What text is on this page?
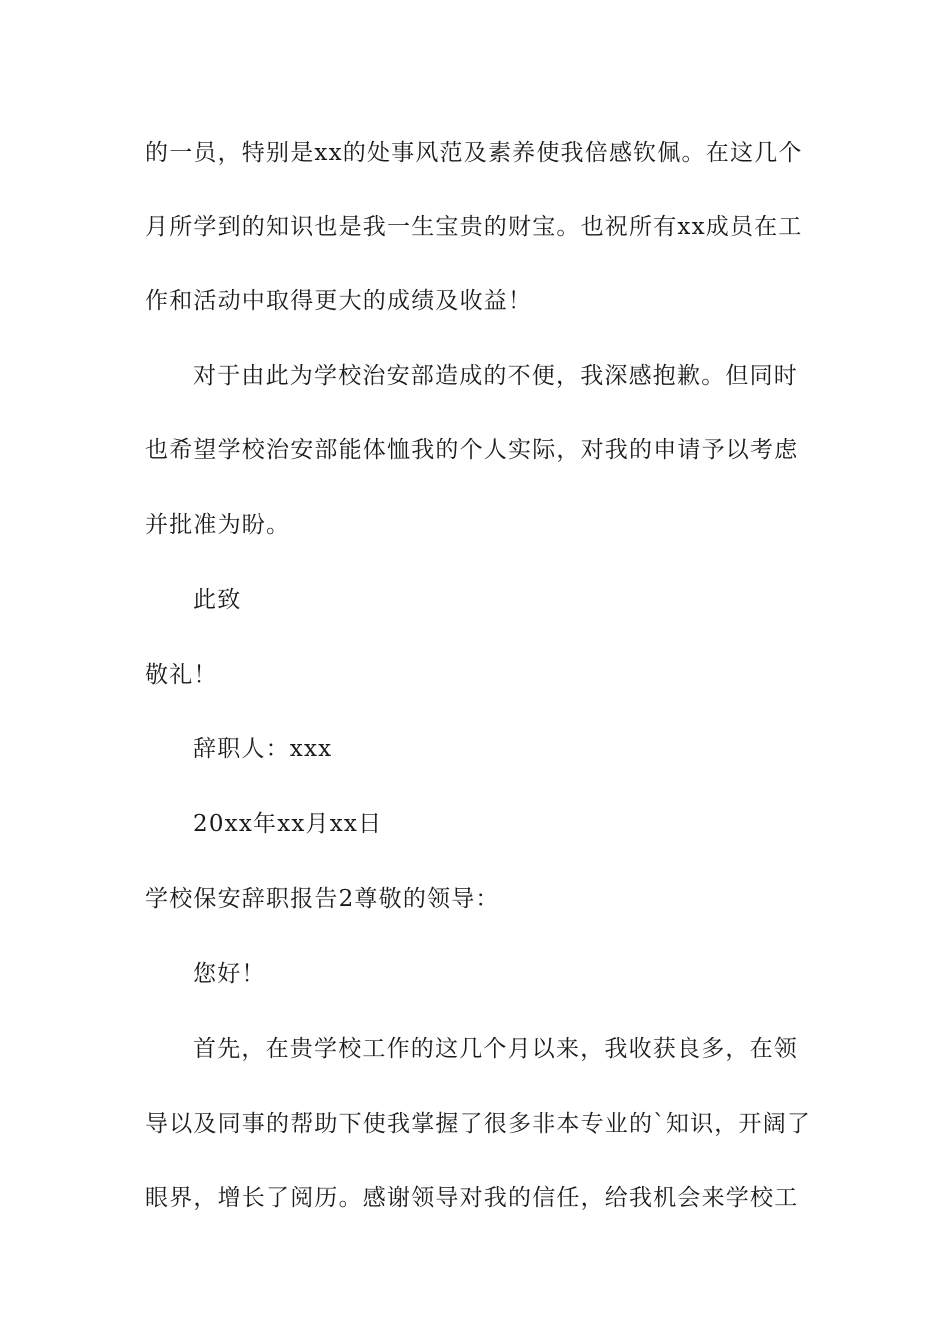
的一员，特别是xx的处事风范及素养使我倍感钦佩。在这几个
月所学到的知识也是我一生宝贵的财宝。也祝所有xx成员在工
作和活动中取得更大的成绩及收益！
对于由此为学校治安部造成的不便，我深感抱歉。但同时
也希望学校治安部能体恤我的个人实际，对我的申请予以考虑
并批准为盼。
此致
敬礼！
辞职人：xxx
20xx年xx月xx日
学校保安辞职报告2尊敬的领导：
您好！
首先，在贵学校工作的这几个月以来，我收获良多，在领
导以及同事的帮助下使我掌握了很多非本专业的`知识，开阔了
眼界，增长了阅历。感谢领导对我的信任，给我机会来学校工
